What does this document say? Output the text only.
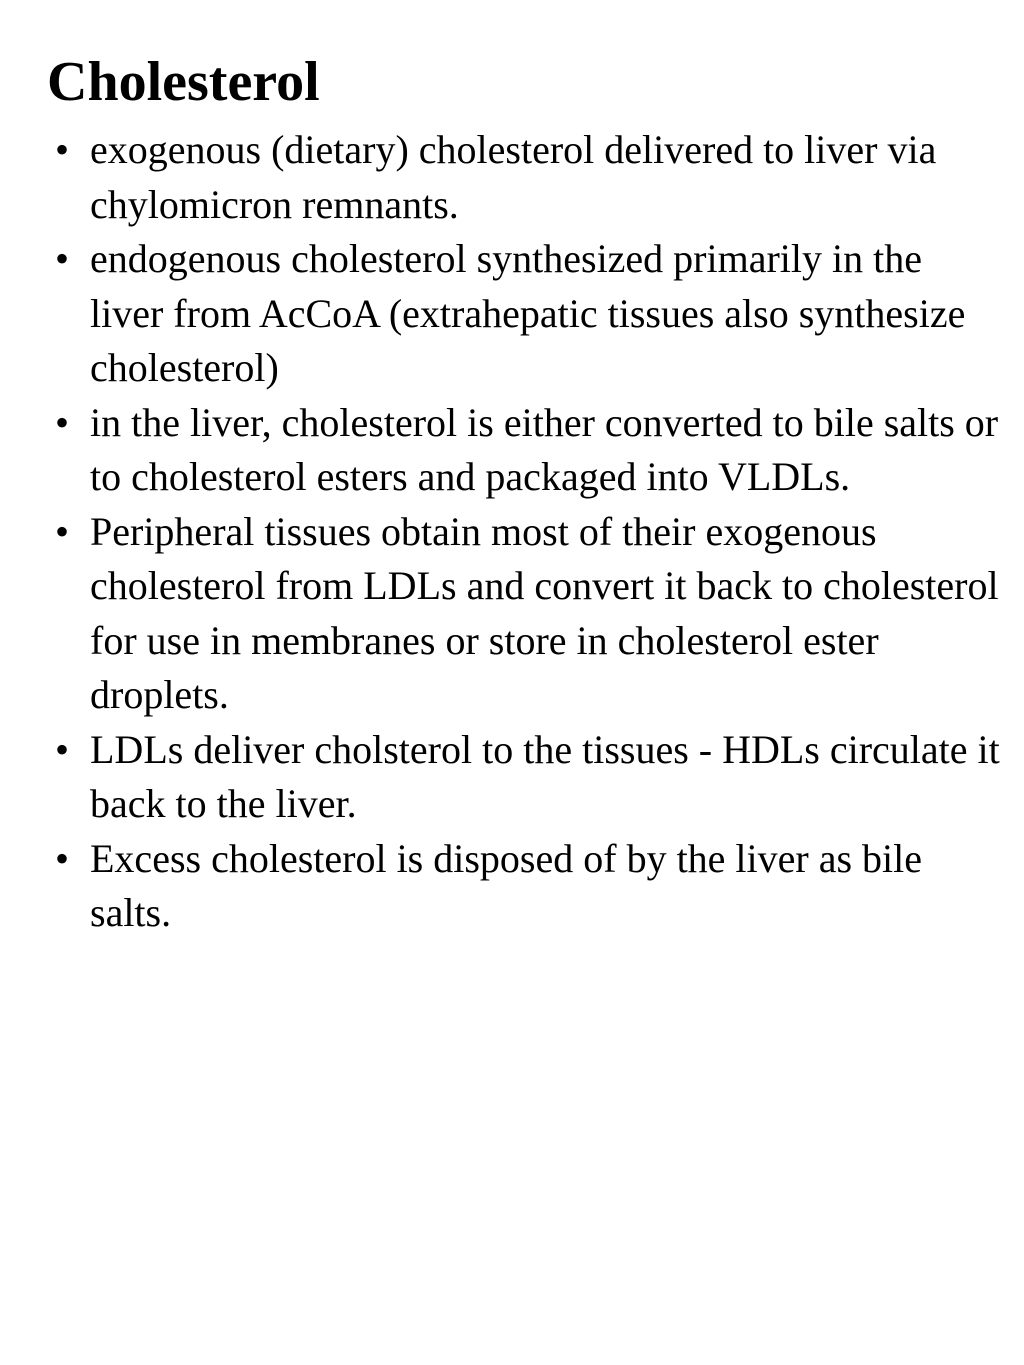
Cholesterol
• exogenous (dietary) cholesterol delivered to liver via chylomicron remnants.
• endogenous cholesterol synthesized primarily in the liver from AcCoA (extrahepatic tissues also synthesize cholesterol)
• in the liver, cholesterol is either converted to bile salts or to cholesterol esters and packaged into VLDLs.
• Peripheral tissues obtain most of their exogenous cholesterol from LDLs and convert it back to cholesterol for use in membranes or store in cholesterol ester droplets.
• LDLs deliver cholsterol to the tissues - HDLs circulate it back to the liver.
• Excess cholesterol is disposed of by the liver as bile salts.
